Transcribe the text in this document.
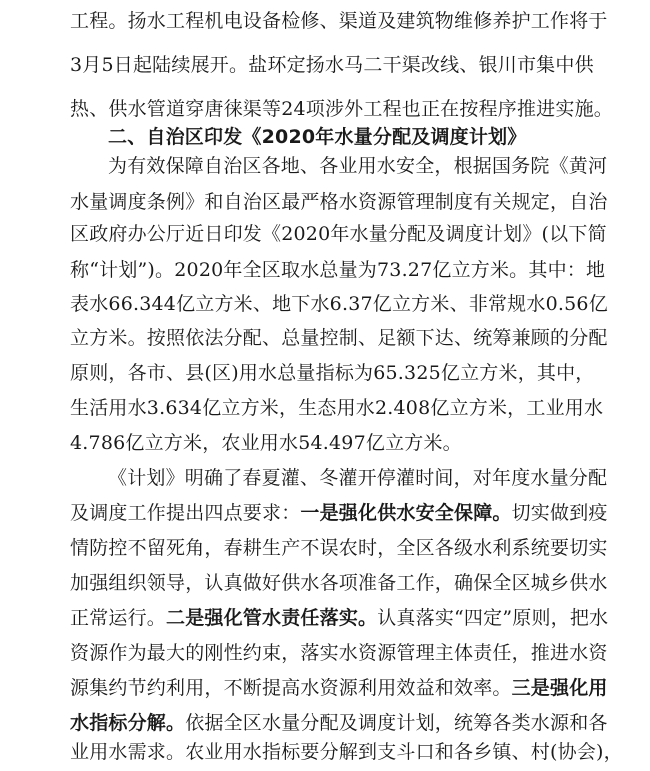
工程。扬水工程机电设备检修、渠道及建筑物维修养护工作将于
3月5日起陆续展开。盐环定扬水马二干渠改线、银川市集中供
热、供水管道穿唐徕渠等24项涉外工程也正在按程序推进实施。
二、自治区印发《2020年水量分配及调度计划》
为有效保障自治区各地、各业用水安全，根据国务院《黄河
水量调度条例》和自治区最严格水资源管理制度有关规定，自治
区政府办公厅近日印发《2020年水量分配及调度计划》(以下简
称“计划”)。2020年全区取水总量为73.27亿立方米。其中：地
表水66.344亿立方米、地下水6.37亿立方米、非常规水0.56亿
立方米。按照依法分配、总量控制、足额下达、统筹兼顾的分配
原则，各市、县(区)用水总量指标为65.325亿立方米，其中，
生活用水3.634亿立方米，生态用水2.408亿立方米，工业用水
4.786亿立方米，农业用水54.497亿立方米。
《计划》明确了春夏灌、冬灌开停灌时间，对年度水量分配
及调度工作提出四点要求：一是强化供水安全保障。切实做到疫
情防控不留死角，春耕生产不误农时，全区各级水利系统要切实
加强组织领导，认真做好供水各项准备工作，确保全区城乡供水
正常运行。二是强化管水责任落实。认真落实“四定”原则，把水
资源作为最大的刚性约束，落实水资源管理主体责任，推进水资
源集约节约利用，不断提高水资源利用效益和效率。三是强化用
水指标分解。依据全区水量分配及调度计划，统筹各类水源和各
业用水需求。农业用水指标要分解到支斗口和各乡镇、村(协会)，
